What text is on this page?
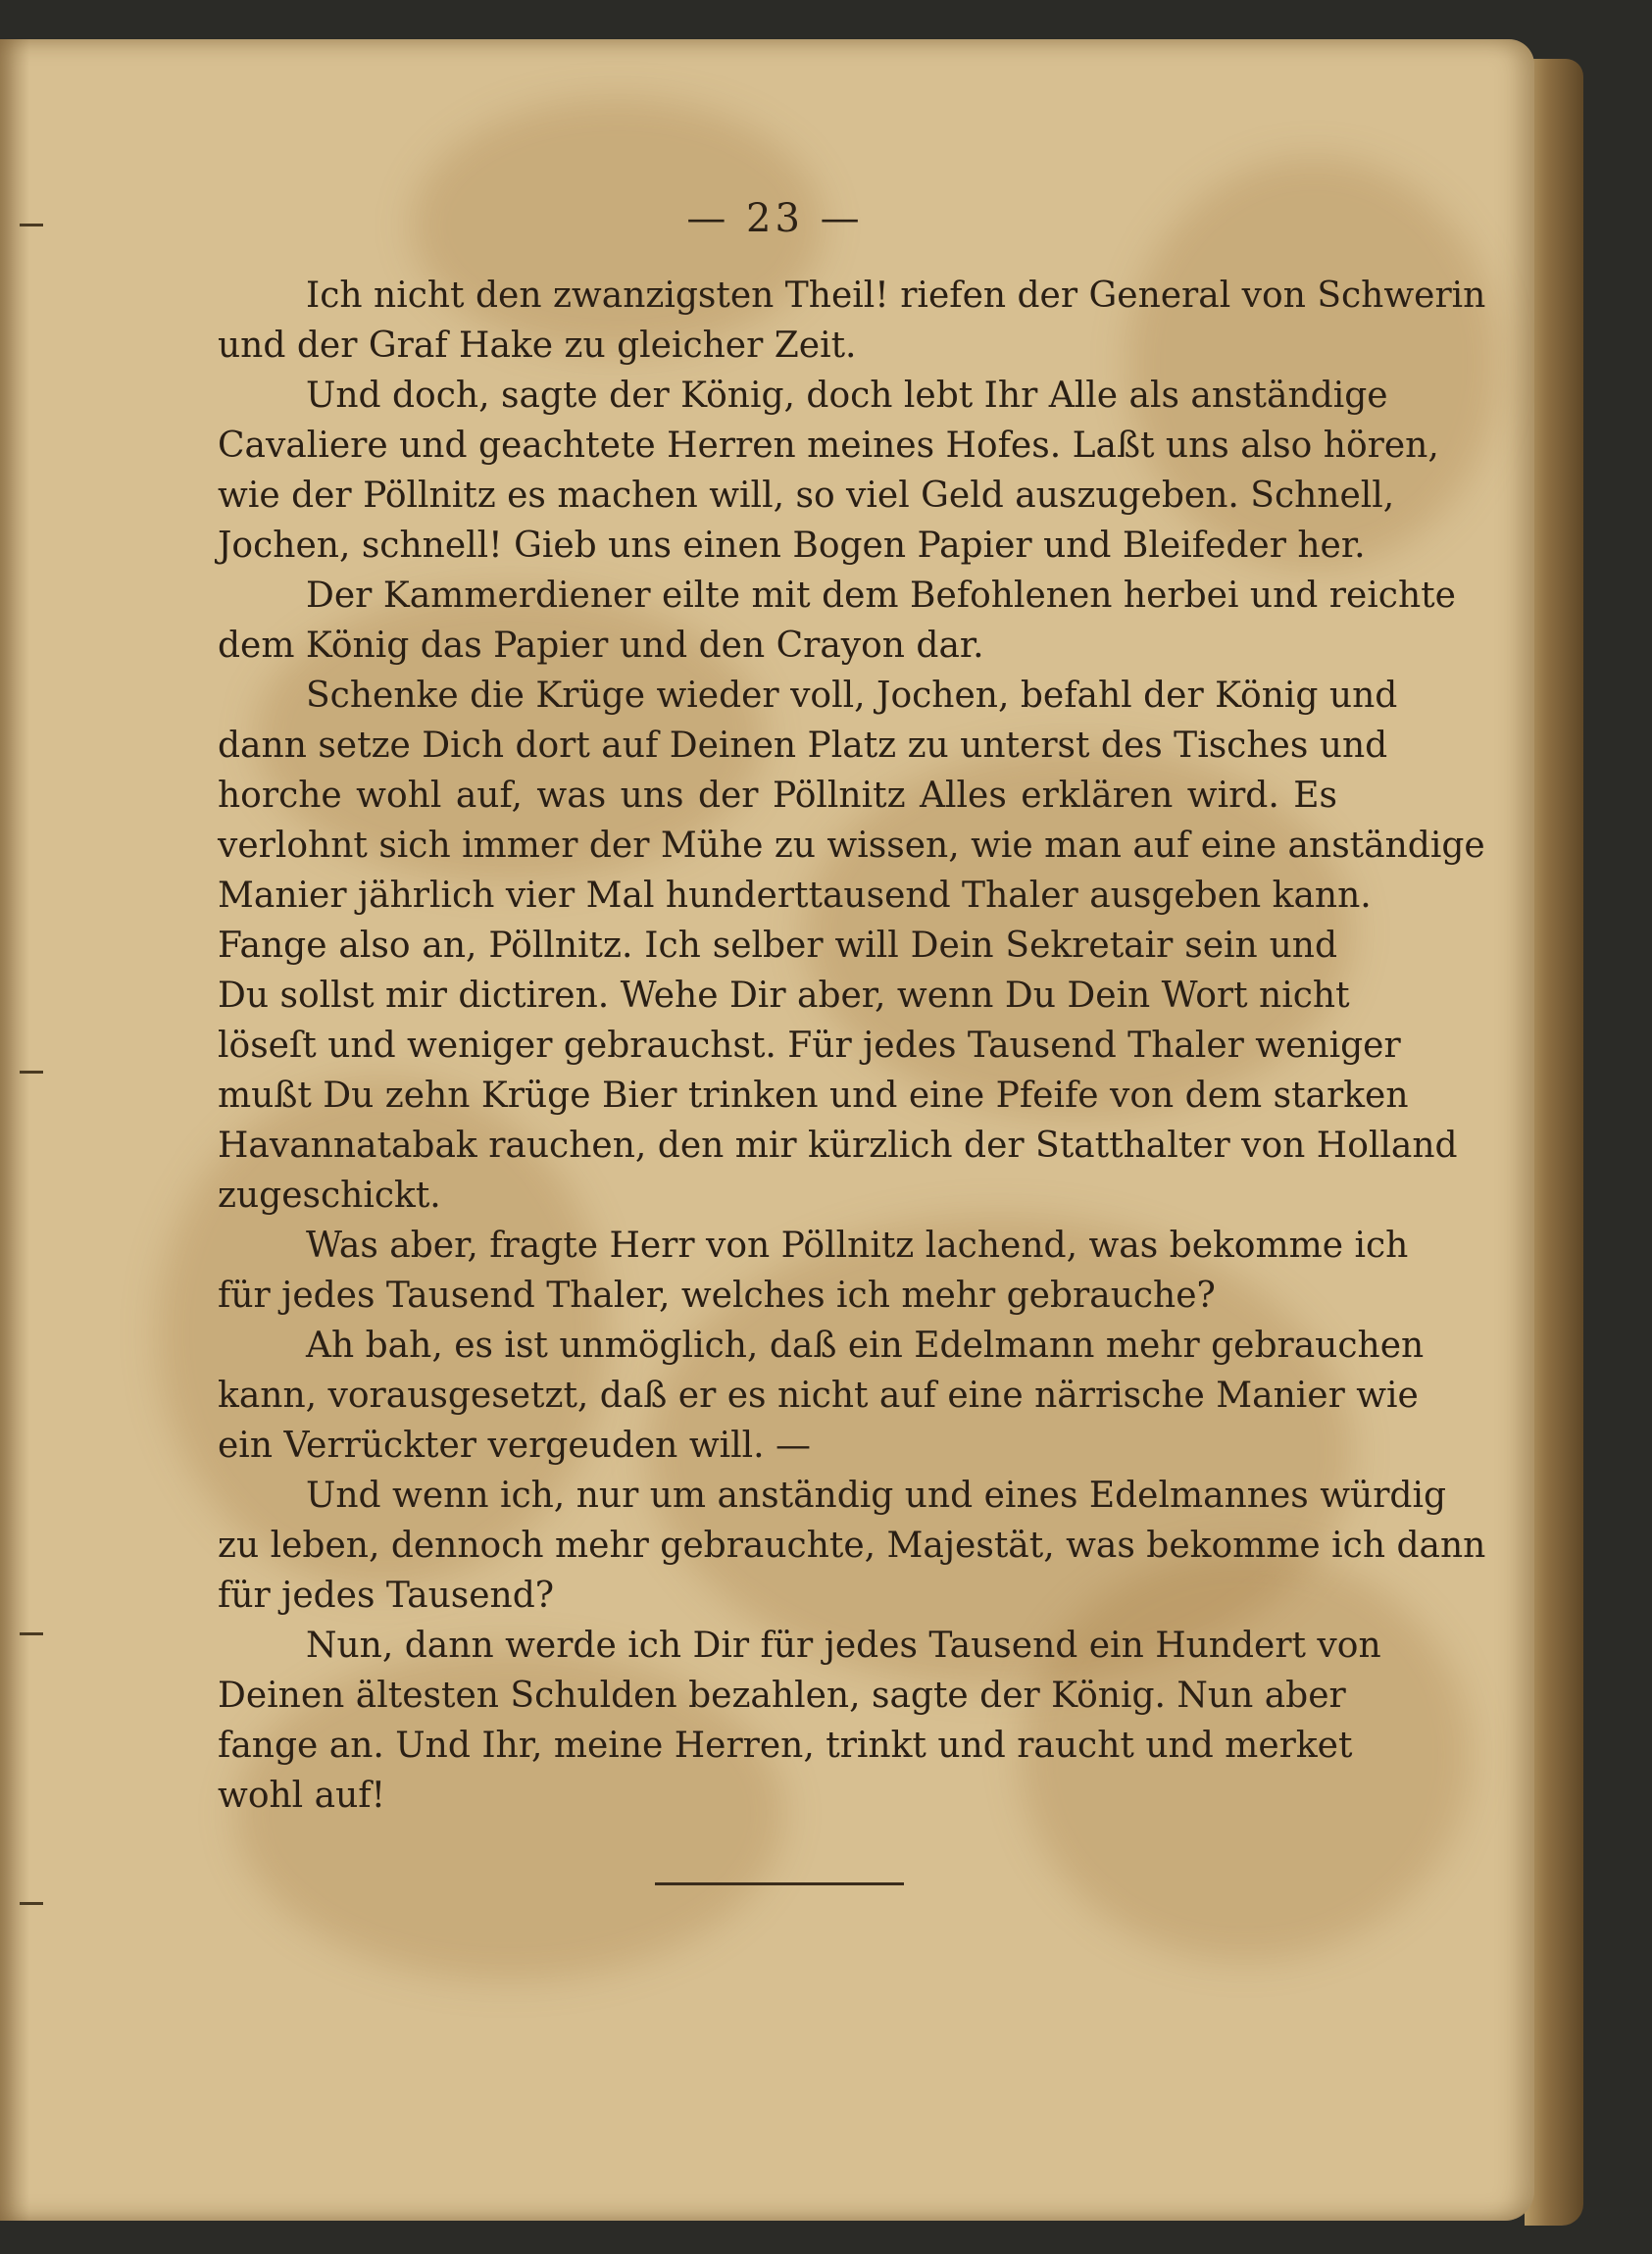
— 23 —
Ich nicht den zwanzigsten Theil! riefen der General von Schwerin
und der Graf Hake zu gleicher Zeit.
Und doch, sagte der König, doch lebt Ihr Alle als anständige
Cavaliere und geachtete Herren meines Hofes. Laßt uns also hören,
wie der Pöllnitz es machen will, so viel Geld auszugeben. Schnell,
Jochen, schnell! Gieb uns einen Bogen Papier und Bleifeder her.
Der Kammerdiener eilte mit dem Befohlenen herbei und reichte
dem König das Papier und den Crayon dar.
Schenke die Krüge wieder voll, Jochen, befahl der König und
dann setze Dich dort auf Deinen Platz zu unterst des Tisches und
horche wohl auf, was uns der Pöllnitz Alles erklären wird. Es
verlohnt sich immer der Mühe zu wissen, wie man auf eine anständige
Manier jährlich vier Mal hunderttausend Thaler ausgeben kann.
Fange also an, Pöllnitz. Ich selber will Dein Sekretair sein und
Du sollst mir dictiren. Wehe Dir aber, wenn Du Dein Wort nicht
löseſt und weniger gebrauchst. Für jedes Tausend Thaler weniger
mußt Du zehn Krüge Bier trinken und eine Pfeife von dem starken
Havannatabak rauchen, den mir kürzlich der Statthalter von Holland
zugeschickt.
Was aber, fragte Herr von Pöllnitz lachend, was bekomme ich
für jedes Tausend Thaler, welches ich mehr gebrauche?
Ah bah, es ist unmöglich, daß ein Edelmann mehr gebrauchen
kann, vorausgesetzt, daß er es nicht auf eine närrische Manier wie
ein Verrückter vergeuden will. —
Und wenn ich, nur um anständig und eines Edelmannes würdig
zu leben, dennoch mehr gebrauchte, Majestät, was bekomme ich dann
für jedes Tausend?
Nun, dann werde ich Dir für jedes Tausend ein Hundert von
Deinen ältesten Schulden bezahlen, sagte der König. Nun aber
fange an. Und Ihr, meine Herren, trinkt und raucht und merket
wohl auf!
